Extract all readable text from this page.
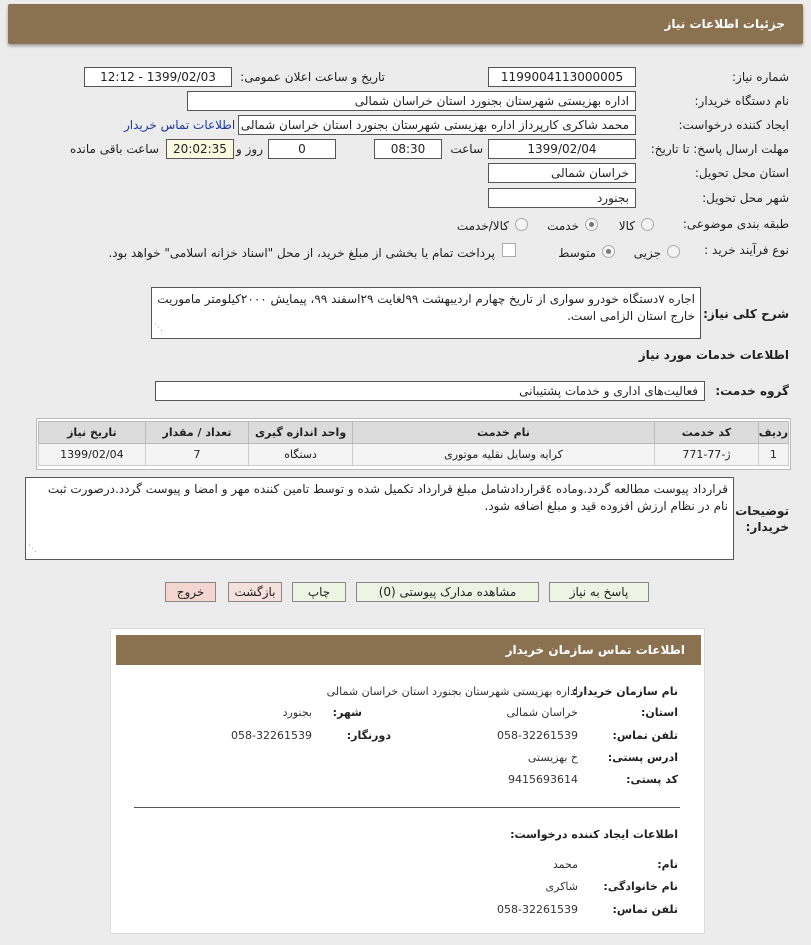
جزئیات اطلاعات نیاز
شماره نیاز:
1199004113000005
تاریخ و ساعت اعلان عمومی:
1399/02/03 - 12:12
نام دستگاه خریدار:
اداره بهزیستی شهرستان بجنورد استان خراسان شمالی
ایجاد کننده درخواست:
محمد شاکری کارپرداز اداره بهزیستی شهرستان بجنورد استان خراسان شمالی
اطلاعات تماس خریدار
مهلت ارسال پاسخ: تا تاریخ:
1399/02/04
ساعت
08:30
0
روز و
20:02:35
ساعت باقی مانده
استان محل تحویل:
خراسان شمالی
شهر محل تحویل:
بجنورد
طبقه بندی موضوعی:
کالا
خدمت
کالا/خدمت
نوع فرآیند خرید :
جزیی
متوسط
پرداخت تمام یا بخشی از مبلغ خرید، از محل "اسناد خزانه اسلامی" خواهد بود.
شرح کلی نیاز:
اجاره ۷دستگاه خودرو سواری از تاریخ چهارم اردیبهشت ۹۹لغایت ۲۹اسفند ۹۹، پیمایش ۲۰۰۰کیلومتر ماموریت خارج استان الزامی است.
⋰
اطلاعات خدمات مورد نیاز
گروه خدمت:
فعالیت‌های اداری و خدمات پشتیبانی
ردیف	کد خدمت	نام خدمت	واحد اندازه گیری	تعداد / مقدار	تاریخ نیاز
1	ژ-77-771	کرایه وسایل نقلیه موتوری	دستگاه	7	1399/02/04
توضیحات خریدار:
قرارداد پیوست مطالعه گردد.وماده ٤قراردادشامل مبلغ قرارداد تکمیل شده و توسط تامین کننده مهر و امضا و پیوست گردد.درصورت ثبت نام در نظام ارزش افزوده قید و مبلغ اضافه شود.
⋰
پاسخ به نیاز
مشاهده مدارک پیوستی (0)
چاپ
بازگشت
خروج
اطلاعات تماس سازمان خریدار
نام سازمان خریدار:
اداره بهزیستی شهرستان بجنورد استان خراسان شمالی
استان:
خراسان شمالی
شهر:
بجنورد
تلفن تماس:
058-32261539
دورنگار:
058-32261539
ادرس پستی:
خ بهزیستی
کد پستی:
9415693614
اطلاعات ایجاد کننده درخواست:
نام:
محمد
نام خانوادگی:
شاکری
تلفن تماس:
058-32261539
